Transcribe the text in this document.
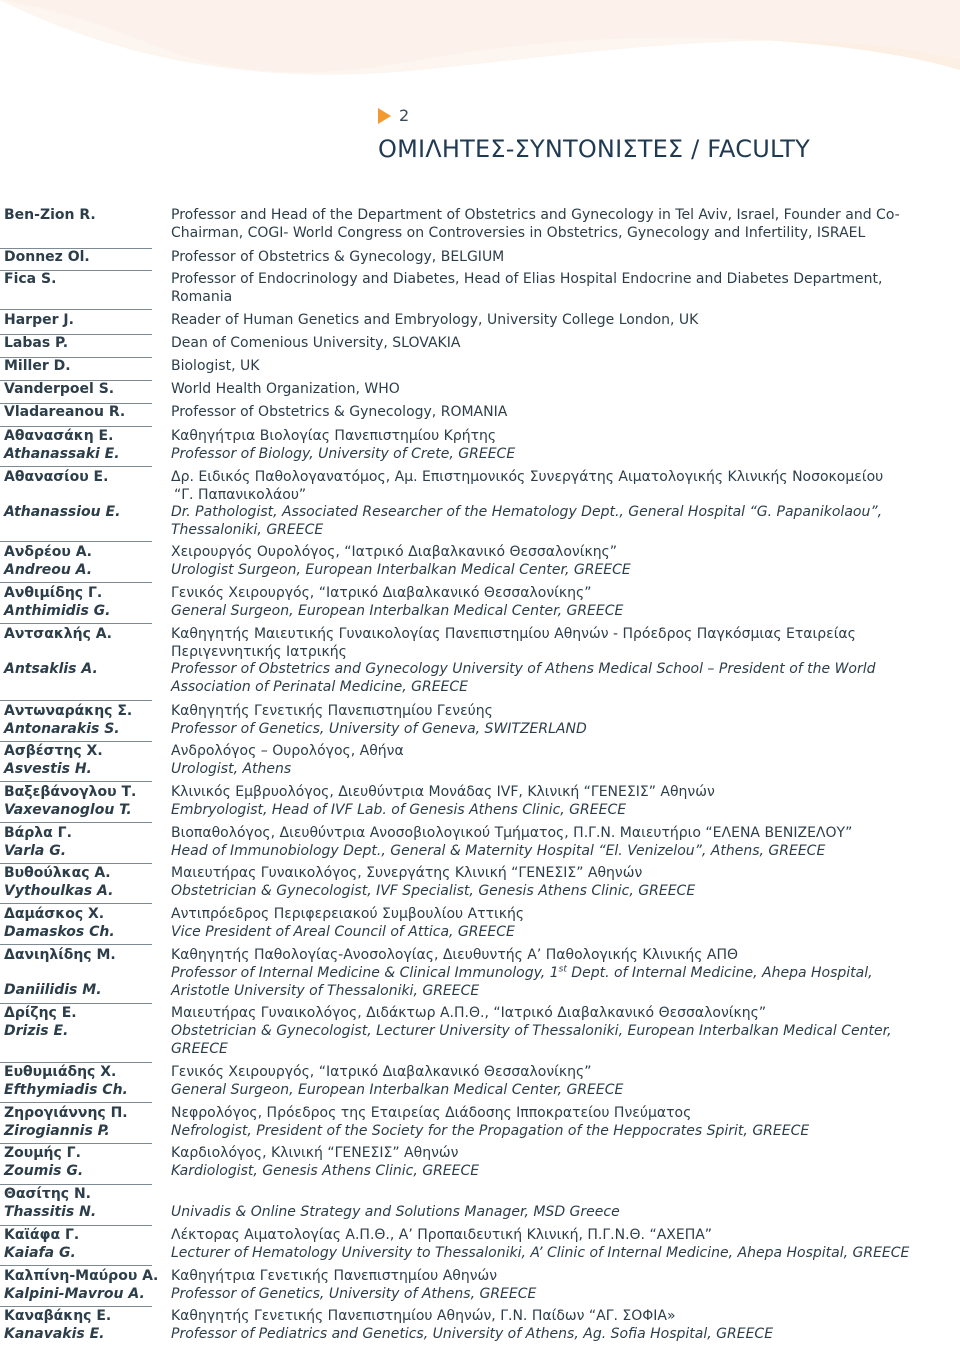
2
ΟΜΙΛΗΤΕΣ-ΣΥΝΤΟΝΙΣΤΕΣ / FACULTY
Ben-Zion R.
Donnez Ol.
Fica S.
Harper J.
Labas P.
Miller D.
Vanderpoel S.
Vladareanou R.
Αθανασάκη Ε.
Athanassaki E.
Αθανασίου Ε.
Athanassiou E.
Ανδρέου Α.
Andreou A.
Ανθιμίδης Γ.
Anthimidis G.
Αντσακλής Α.
Antsaklis A.
Αντωναράκης Σ.
Antonarakis S.
Ασβέστης Χ.
Asvestis H.
Βαξεβάνογλου Τ.
Vaxevanoglou T.
Βάρλα Γ.
Varla G.
Βυθούλκας Α.
Vythoulkas A.
Δαμάσκος Χ.
Damaskos Ch.
Δανιηλίδης Μ.
Daniilidis M.
Δρίζης Ε.
Drizis E.
Ευθυμιάδης Χ.
Efthymiadis Ch.
Ζηρογιάννης Π.
Zirogiannis P.
Ζουμής Γ.
Zoumis G.
Θασίτης Ν.
Thassitis N.
Καϊάφα Γ.
Kaiafa G.
Καλπίνη-Μαύρου Α.
Kalpini-Mavrou A.
Καναβάκης Ε.
Kanavakis E.
Professor and Head of the Department of Obstetrics and Gynecology in Tel Aviv, Israel, Founder and Co-
Chairman, COGI- World Congress on Controversies in Obstetrics, Gynecology and Infertility, ISRAEL
Professor of Obstetrics & Gynecology, BELGIUM
Professor of Endocrinology and Diabetes, Head of Elias Hospital Endocrine and Diabetes Department,
Romania
Reader of Human Genetics and Embryology, University College London, UK
Dean of Comenious University, SLOVAKIA
Biologist, UK
World Health Organization, WHO
Professor of Obstetrics & Gynecology, ROMANIA
Καθηγήτρια Βιολογίας Πανεπιστημίου Κρήτης
Professor of Biology, University of Crete, GREECE
Δρ. Ειδικός Παθολογανατόμος, Αμ. Επιστημονικός Συνεργάτης Αιματολογικής Κλινικής Νοσοκομείου
“Γ. Παπανικολάου”
Dr. Pathologist, Associated Researcher of the Hematology Dept., General Hospital “G. Papanikolaou”,
Thessaloniki, GREECE
Χειρουργός Ουρολόγος, “Ιατρικό Διαβαλκανικό Θεσσαλονίκης”
Urologist Surgeon, European Interbalkan Medical Center, GREECE
Γενικός Χειρουργός, “Ιατρικό Διαβαλκανικό Θεσσαλονίκης”
General Surgeon, European Interbalkan Medical Center, GREECE
Καθηγητής Μαιευτικής Γυναικολογίας Πανεπιστημίου Αθηνών - Πρόεδρος Παγκόσμιας Εταιρείας
Περιγεννητικής Ιατρικής
Professor of Obstetrics and Gynecology University of Athens Medical School – President of the World
Association of Perinatal Medicine, GREECE
Καθηγητής Γενετικής Πανεπιστημίου Γενεύης
Professor of Genetics, University of Geneva, SWITZERLAND
Ανδρολόγος – Ουρολόγος, Αθήνα
Urologist, Athens
Κλινικός Εμβρυολόγος, Διευθύντρια Μονάδας IVF, Κλινική “ΓΕΝΕΣΙΣ” Αθηνών
Embryologist, Head of IVF Lab. of Genesis Athens Clinic, GREECE
Βιοπαθολόγος, Διευθύντρια Ανοσοβιολογικού Τμήματος, Π.Γ.Ν. Μαιευτήριο “ΕΛΕΝΑ ΒΕΝΙΖΕΛΟΥ”
Head of Immunobiology Dept., General & Maternity Hospital “El. Venizelou”, Athens, GREECE
Μαιευτήρας Γυναικολόγος, Συνεργάτης Κλινική “ΓΕΝΕΣΙΣ” Αθηνών
Obstetrician & Gynecologist, IVF Specialist, Genesis Athens Clinic, GREECE
Αντιπρόεδρος Περιφερειακού Συμβουλίου Αττικής
Vice President of Areal Council of Attica, GREECE
Καθηγητής Παθολογίας-Ανοσολογίας, Διευθυντής Α’ Παθολογικής Κλινικής ΑΠΘ
Professor of Internal Medicine & Clinical Immunology, 1st Dept. of Internal Medicine, Ahepa Hospital,
Aristotle University of Thessaloniki, GREECE
Μαιευτήρας Γυναικολόγος, Διδάκτωρ Α.Π.Θ., “Ιατρικό Διαβαλκανικό Θεσσαλονίκης”
Obstetrician & Gynecologist, Lecturer University of Thessaloniki, European Interbalkan Medical Center,
GREECE
Γενικός Χειρουργός, “Ιατρικό Διαβαλκανικό Θεσσαλονίκης”
General Surgeon, European Interbalkan Medical Center, GREECE
Νεφρολόγος, Πρόεδρος της Εταιρείας Διάδοσης Ιπποκρατείου Πνεύματος
Nefrologist, President of the Society for the Propagation of the Heppocrates Spirit, GREECE
Καρδιολόγος, Κλινική “ΓΕΝΕΣΙΣ” Αθηνών
Kardiologist, Genesis Athens Clinic, GREECE
Univadis & Online Strategy and Solutions Manager, MSD Greece
Λέκτορας Αιματολογίας Α.Π.Θ., Α’ Προπαιδευτική Κλινική, Π.Γ.Ν.Θ. “ΑΧΕΠΑ”
Lecturer of Hematology University to Thessaloniki, A’ Clinic of Internal Medicine, Ahepa Hospital, GREECE
Καθηγήτρια Γενετικής Πανεπιστημίου Αθηνών
Professor of Genetics, University of Athens, GREECE
Καθηγητής Γενετικής Πανεπιστημίου Αθηνών, Γ.Ν. Παίδων “ΑΓ. ΣΟΦΙΑ»
Professor of Pediatrics and Genetics, University of Athens, Ag. Sofia Hospital, GREECE
